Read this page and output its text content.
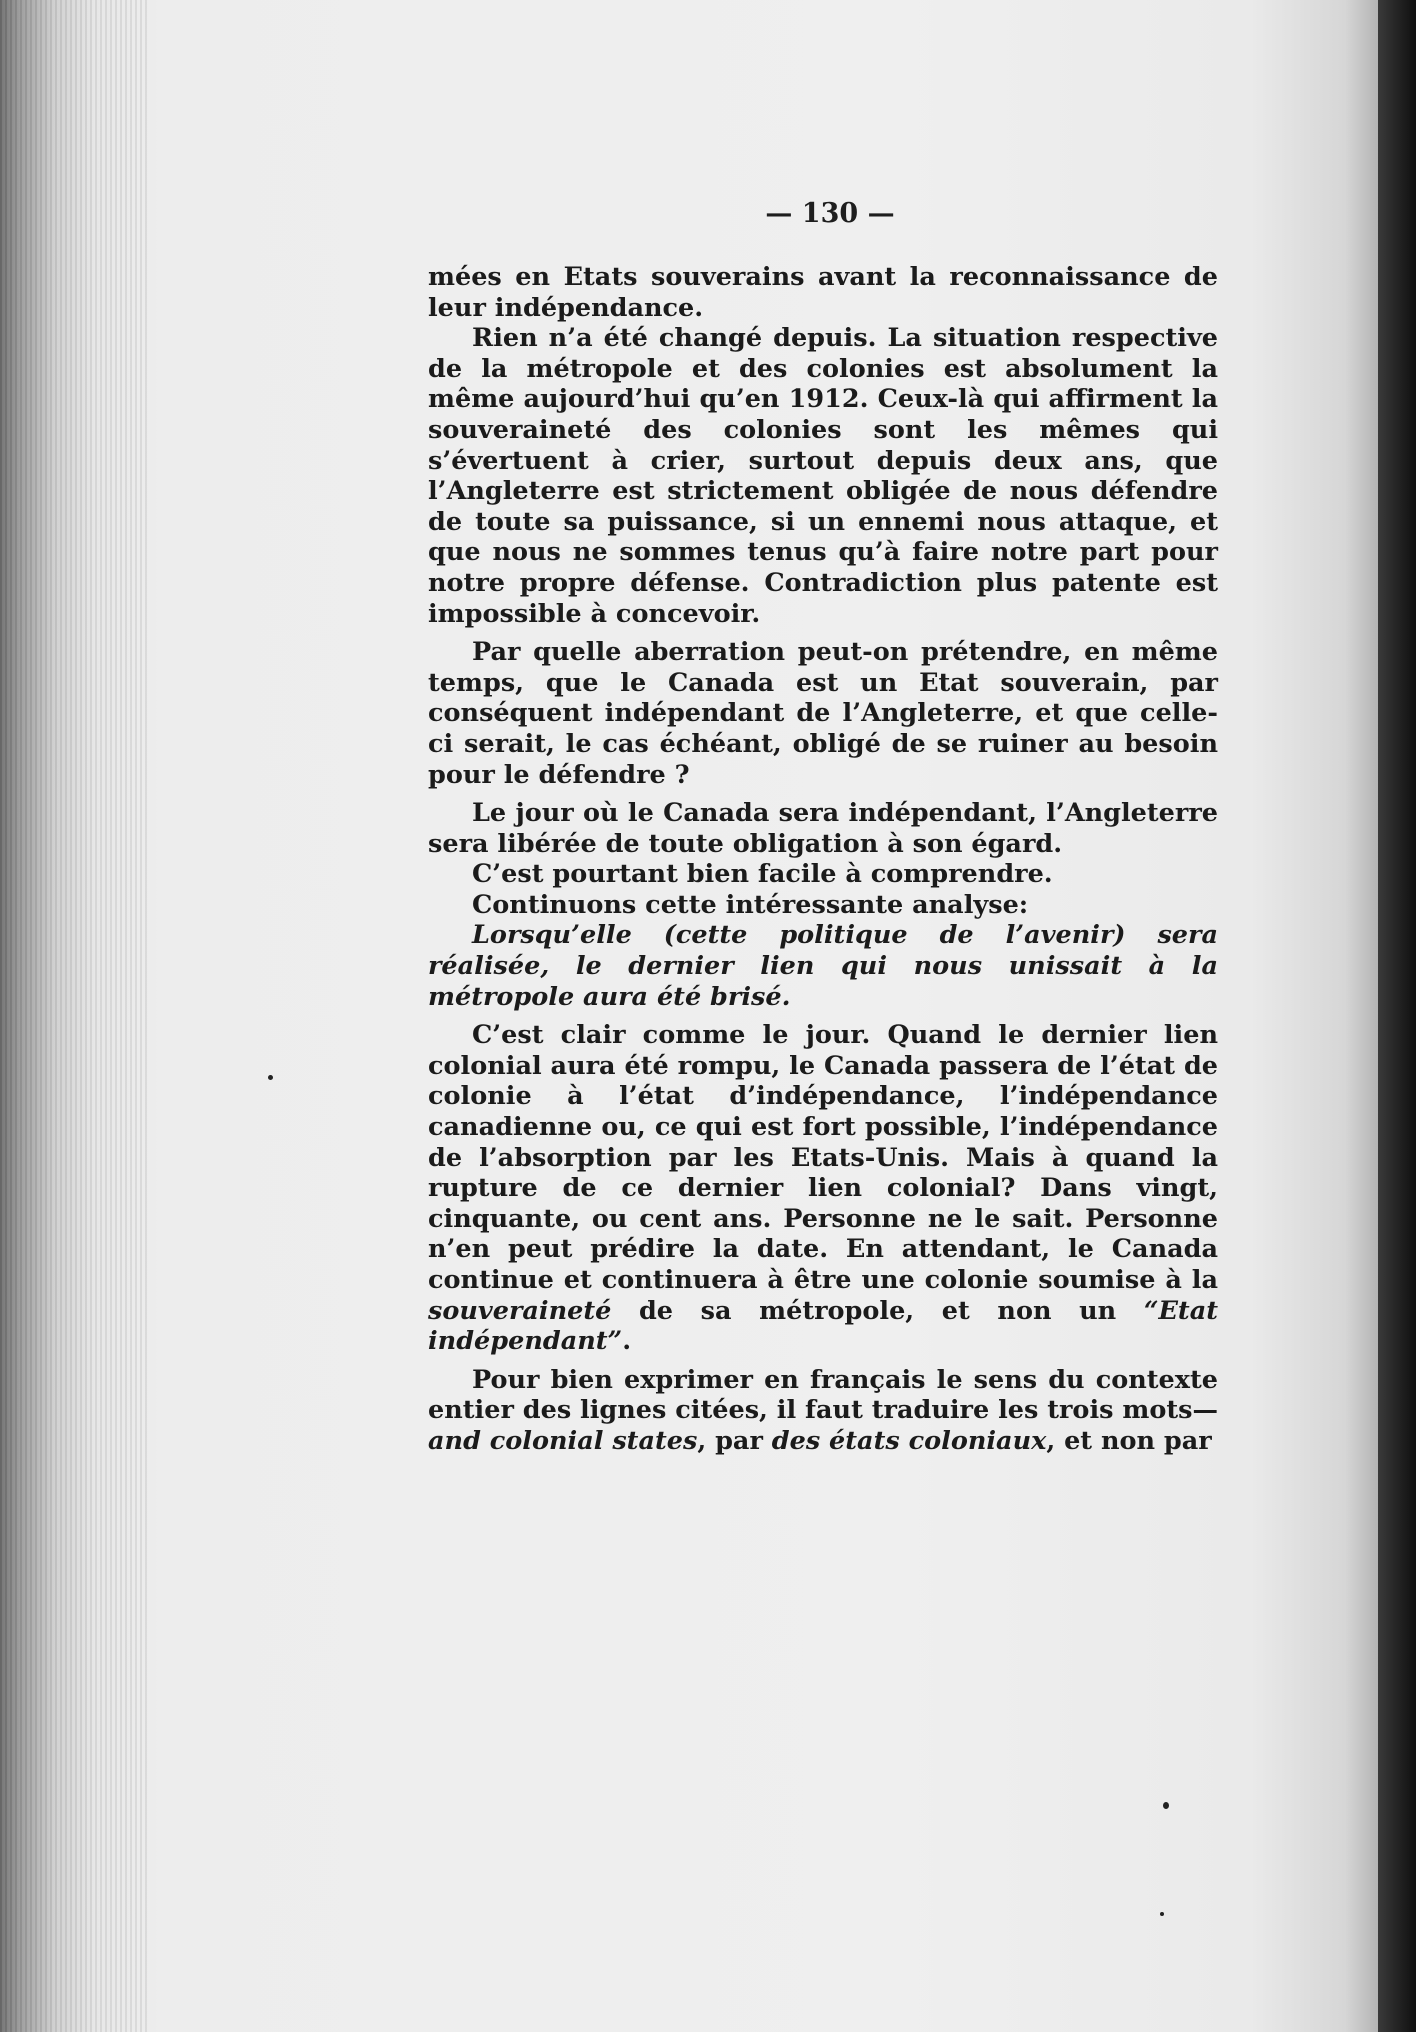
— 130 —

mées en Etats souverains avant la reconnaissance de leur indépendance.

Rien n’a été changé depuis. La situation respective de la métropole et des colonies est absolument la même aujourd’hui qu’en 1912. Ceux-là qui affirment la souveraineté des colonies sont les mêmes qui s’évertuent à crier, surtout depuis deux ans, que l’Angleterre est strictement obligée de nous défendre de toute sa puissance, si un ennemi nous attaque, et que nous ne sommes tenus qu’à faire notre part pour notre propre défense. Contradiction plus patente est impossible à concevoir.

Par quelle aberration peut-on prétendre, en même temps, que le Canada est un Etat souverain, par conséquent indépendant de l’Angleterre, et que celle-ci serait, le cas échéant, obligé de se ruiner au besoin pour le défendre ?

Le jour où le Canada sera indépendant, l’Angleterre sera libérée de toute obligation à son égard.

C’est pourtant bien facile à comprendre.

Continuons cette intéressante analyse:

Lorsqu’elle (cette politique de l’avenir) sera réalisée, le dernier lien qui nous unissait à la métropole aura été brisé.

C’est clair comme le jour. Quand le dernier lien colonial aura été rompu, le Canada passera de l’état de colonie à l’état d’indépendance, l’indépendance canadienne ou, ce qui est fort possible, l’indépendance de l’absorption par les Etats-Unis. Mais à quand la rupture de ce dernier lien colonial? Dans vingt, cinquante, ou cent ans. Personne ne le sait. Personne n’en peut prédire la date. En attendant, le Canada continue et continuera à être une colonie soumise à la souveraineté de sa métropole, et non un “Etat indépendant”.

Pour bien exprimer en français le sens du contexte entier des lignes citées, il faut traduire les trois mots— and colonial states, par des états coloniaux, et non par
